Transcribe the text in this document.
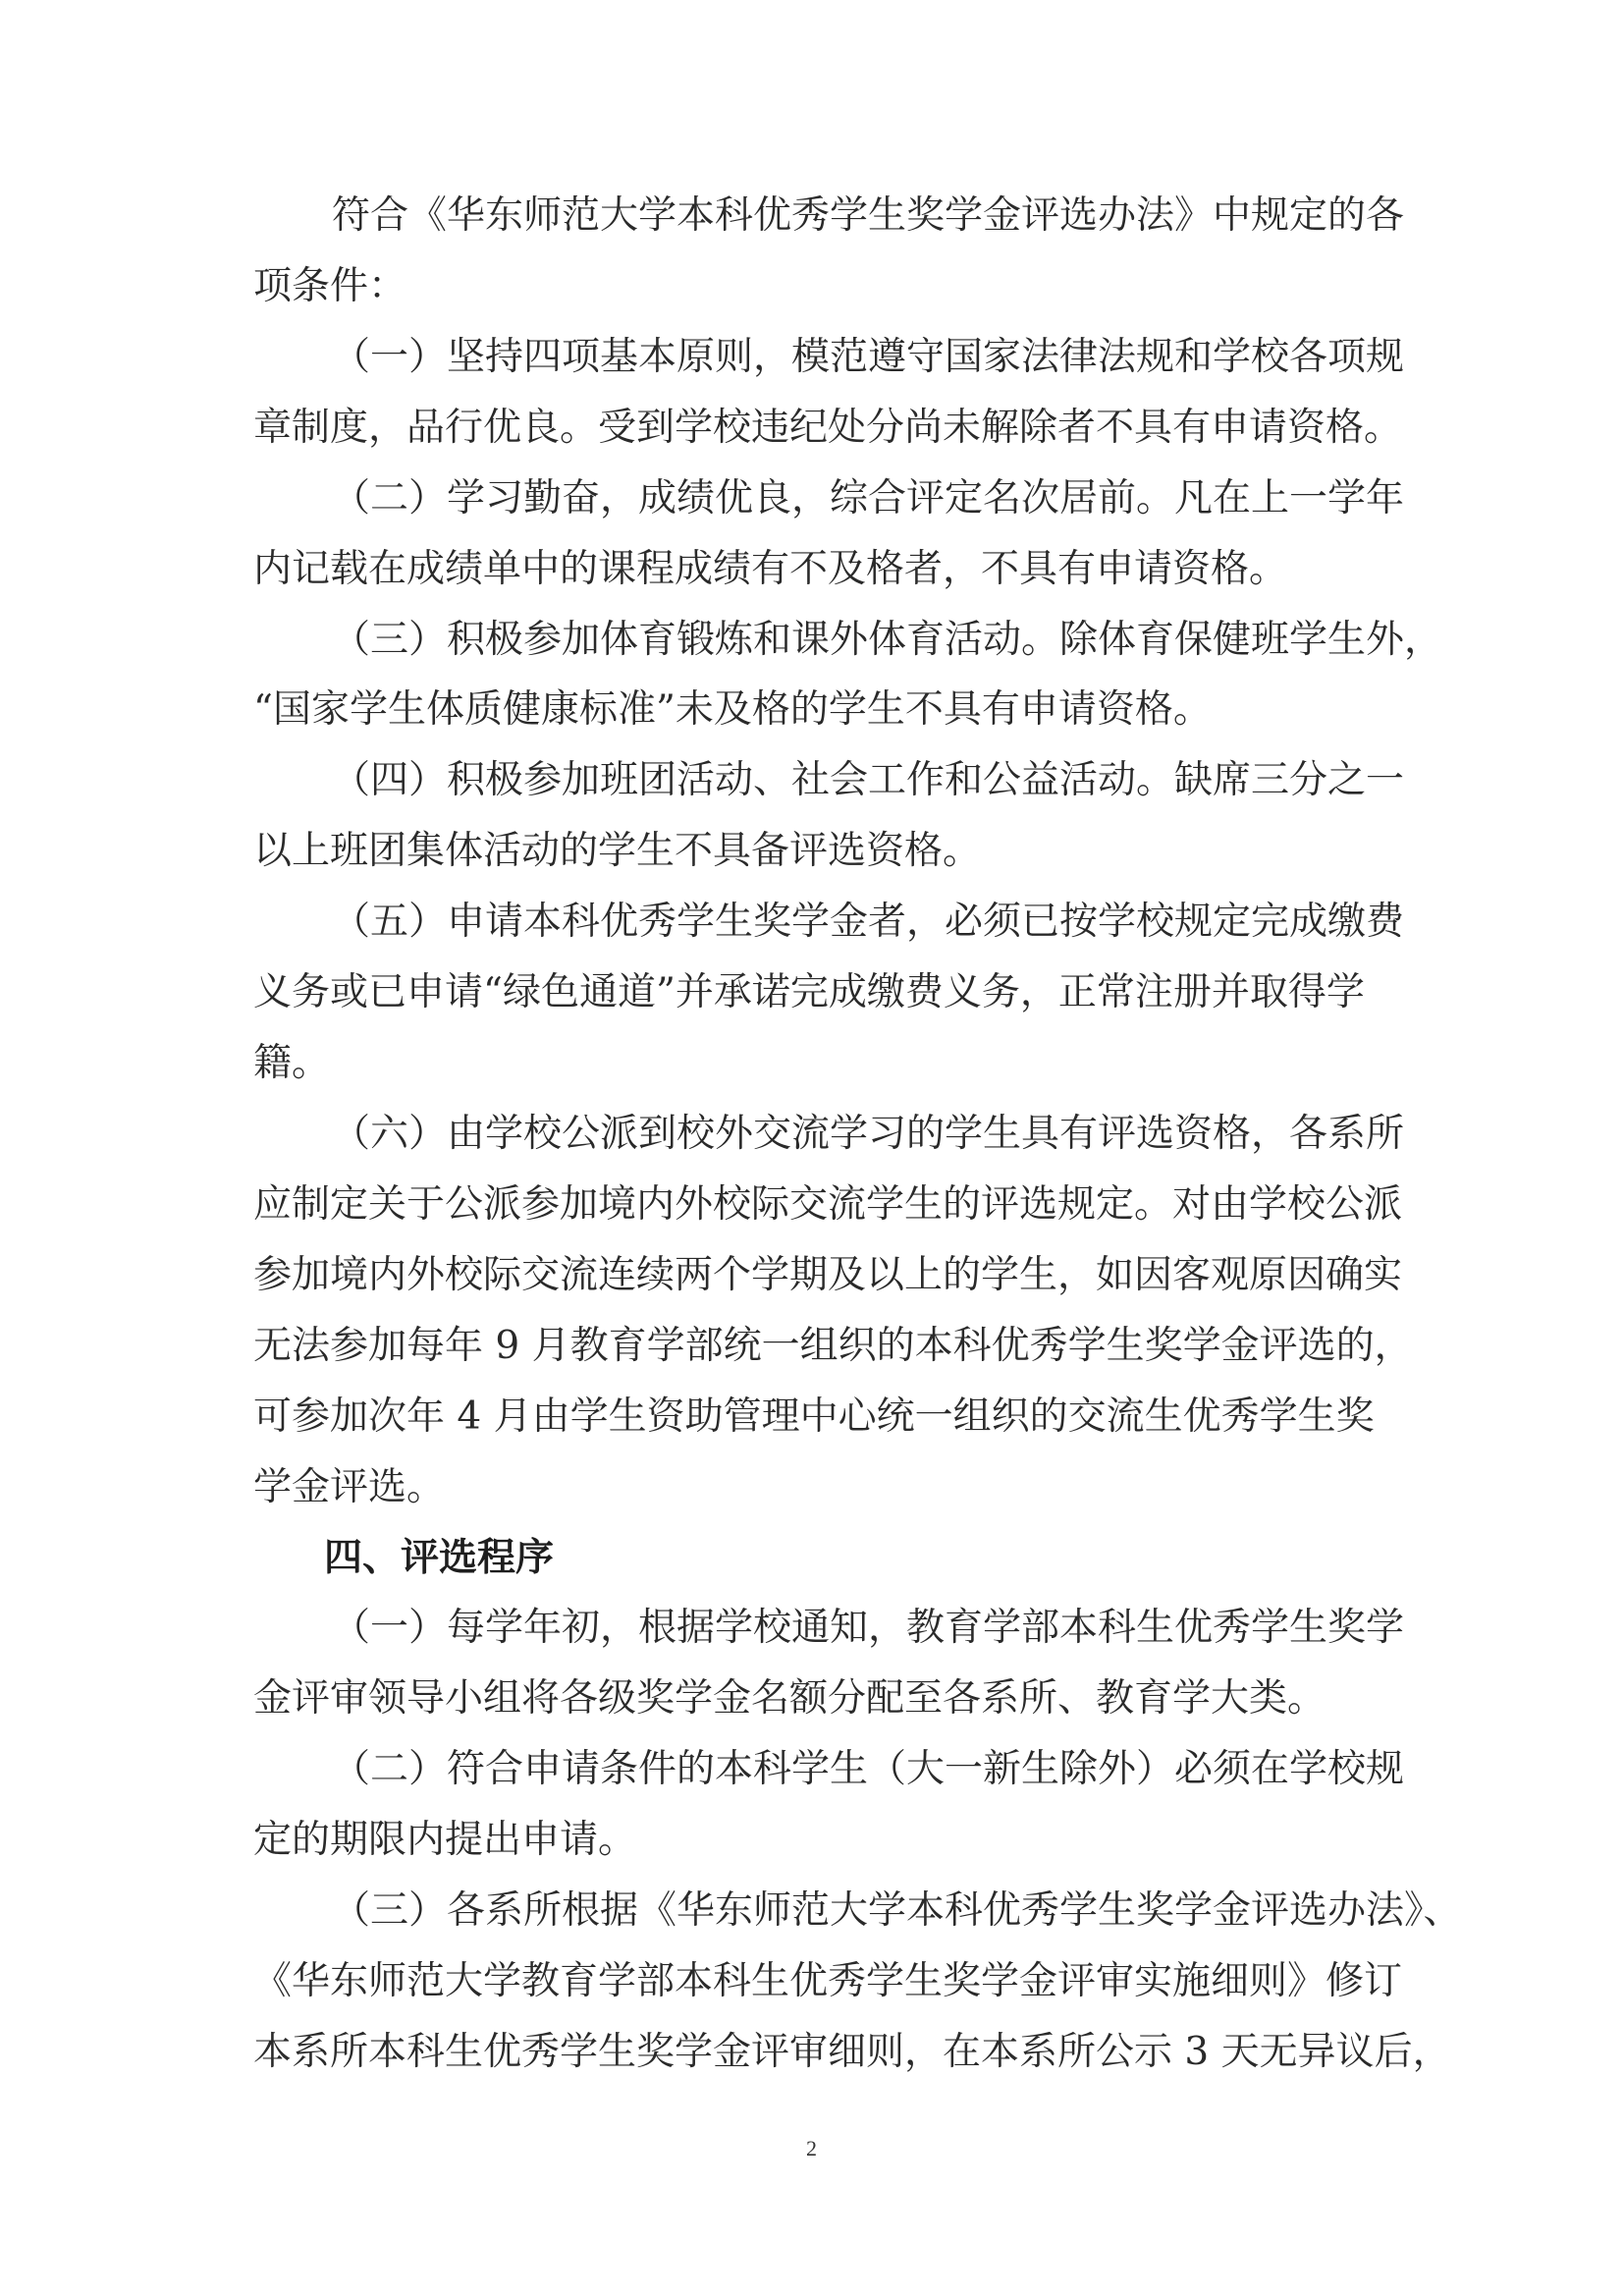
符合《华东师范大学本科优秀学生奖学金评选办法》中规定的各
项条件：
（一）坚持四项基本原则，模范遵守国家法律法规和学校各项规
章制度，品行优良。受到学校违纪处分尚未解除者不具有申请资格。
（二）学习勤奋，成绩优良，综合评定名次居前。凡在上一学年
内记载在成绩单中的课程成绩有不及格者，不具有申请资格。
（三）积极参加体育锻炼和课外体育活动。除体育保健班学生外，
“国家学生体质健康标准”未及格的学生不具有申请资格。
（四）积极参加班团活动、社会工作和公益活动。缺席三分之一
以上班团集体活动的学生不具备评选资格。
（五）申请本科优秀学生奖学金者，必须已按学校规定完成缴费
义务或已申请“绿色通道”并承诺完成缴费义务，正常注册并取得学
籍。
（六）由学校公派到校外交流学习的学生具有评选资格，各系所
应制定关于公派参加境内外校际交流学生的评选规定。对由学校公派
参加境内外校际交流连续两个学期及以上的学生，如因客观原因确实
无法参加每年 9 月教育学部统一组织的本科优秀学生奖学金评选的，
可参加次年 4 月由学生资助管理中心统一组织的交流生优秀学生奖
学金评选。
四、评选程序
（一）每学年初，根据学校通知，教育学部本科生优秀学生奖学
金评审领导小组将各级奖学金名额分配至各系所、教育学大类。
（二）符合申请条件的本科学生（大一新生除外）必须在学校规
定的期限内提出申请。
（三）各系所根据《华东师范大学本科优秀学生奖学金评选办法》、
《华东师范大学教育学部本科生优秀学生奖学金评审实施细则》修订
本系所本科生优秀学生奖学金评审细则，在本系所公示 3 天无异议后，
2
